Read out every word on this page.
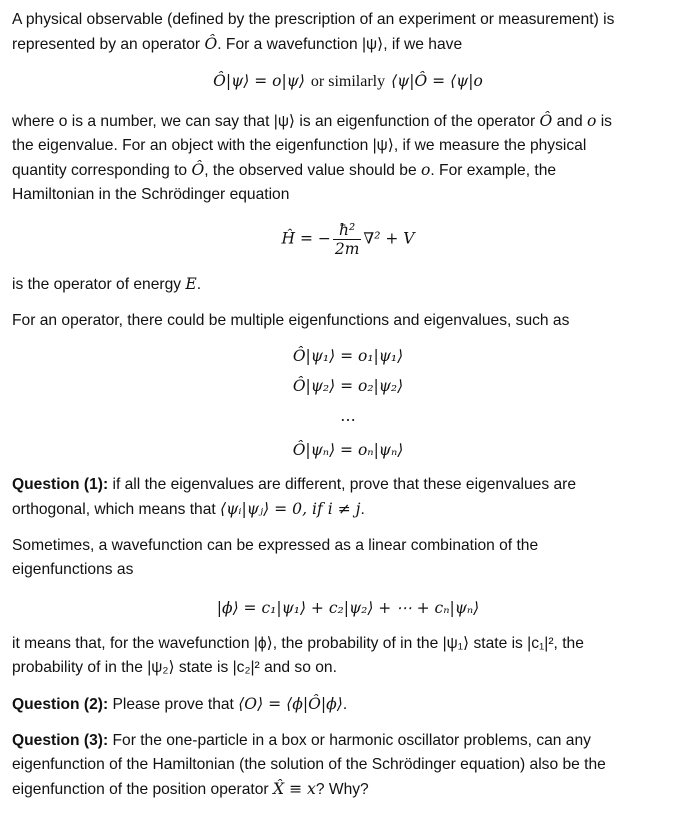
A physical observable (defined by the prescription of an experiment or measurement) is
represented by an operator Ô. For a wavefunction |ψ⟩, if we have

Ô|ψ⟩ = o|ψ⟩ or similarly ⟨ψ|Ô = ⟨ψ|o

where o is a number, we can say that |ψ⟩ is an eigenfunction of the operator Ô and o is
the eigenvalue. For an object with the eigenfunction |ψ⟩, if we measure the physical
quantity corresponding to Ô, the observed value should be o. For example, the
Hamiltonian in the Schrödinger equation

Ĥ = − $\frac{\text{ħ²}}{2m} \nabla^2 + V$

is the operator of energy E.

For an operator, there could be multiple eigenfunctions and eigenvalues, such as

Ô|ψ₁⟩ = o₁|ψ₁⟩

Ô|ψ₂⟩ = o₂|ψ₂⟩

…

Ô|ψₙ⟩ = oₙ|ψₙ⟩

Question (1): if all the eigenvalues are different, prove that these eigenvalues are
orthogonal, which means that ⟨ψᵢ|ψⱼ⟩ = 0, if i ≠ j.

Sometimes, a wavefunction can be expressed as a linear combination of the
eigenfunctions as

|ϕ⟩ = c₁|ψ₁⟩ + c₂|ψ₂⟩ + ⋯ + cₙ|ψₙ⟩

it means that, for the wavefunction |ϕ⟩, the probability of in the |ψ₁⟩ state is |c₁|², the
probability of in the |ψ₂⟩ state is |c₂|² and so on.

Question (2): Please prove that ⟨O⟩ = ⟨ϕ|Ô|ϕ⟩.

Question (3): For the one-particle in a box or harmonic oscillator problems, can any
eigenfunction of the Hamiltonian (the solution of the Schrödinger equation) also be the
eigenfunction of the position operator X̂ ≡ x? Why?
